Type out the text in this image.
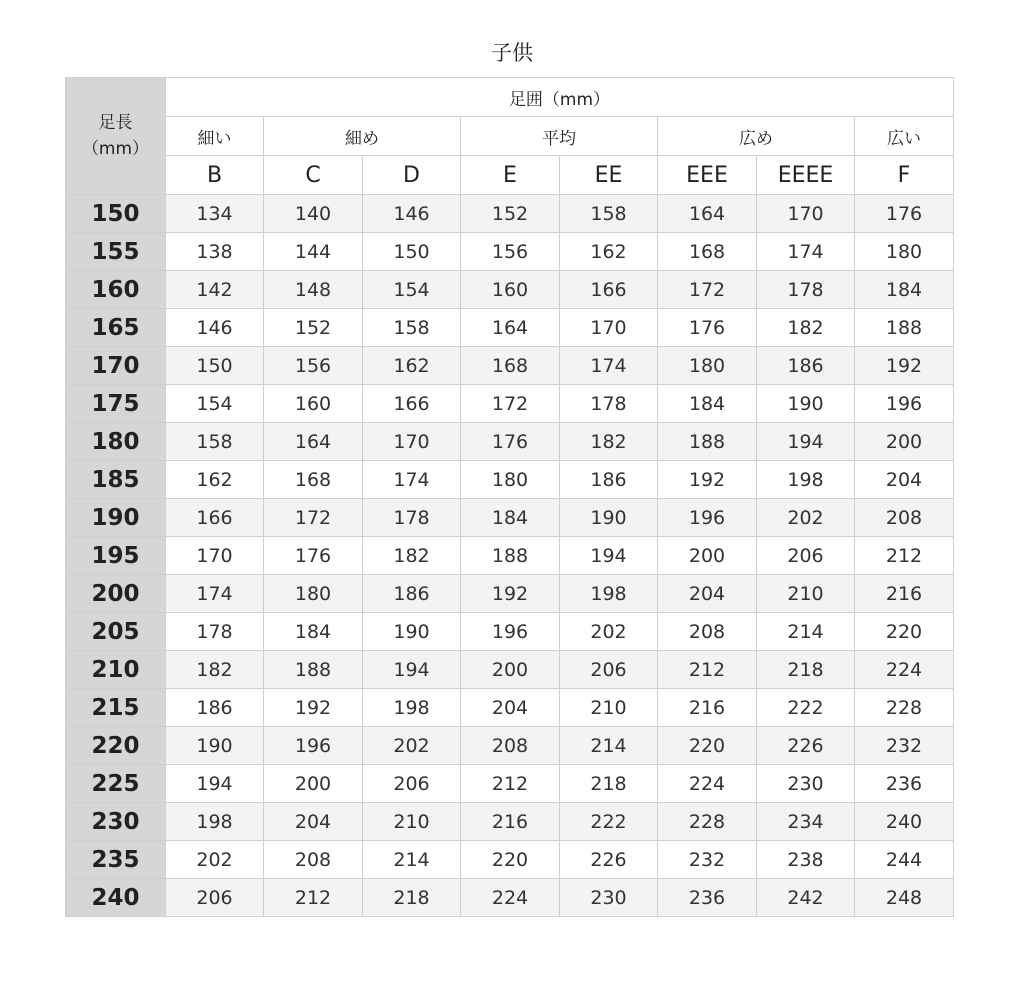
子供
足長
（mm）	足囲（mm）							
	細い	細め		平均		広め		広い
	B	C	D	E	EE	EEE	EEEE	F
150	134	140	146	152	158	164	170	176
155	138	144	150	156	162	168	174	180
160	142	148	154	160	166	172	178	184
165	146	152	158	164	170	176	182	188
170	150	156	162	168	174	180	186	192
175	154	160	166	172	178	184	190	196
180	158	164	170	176	182	188	194	200
185	162	168	174	180	186	192	198	204
190	166	172	178	184	190	196	202	208
195	170	176	182	188	194	200	206	212
200	174	180	186	192	198	204	210	216
205	178	184	190	196	202	208	214	220
210	182	188	194	200	206	212	218	224
215	186	192	198	204	210	216	222	228
220	190	196	202	208	214	220	226	232
225	194	200	206	212	218	224	230	236
230	198	204	210	216	222	228	234	240
235	202	208	214	220	226	232	238	244
240	206	212	218	224	230	236	242	248
